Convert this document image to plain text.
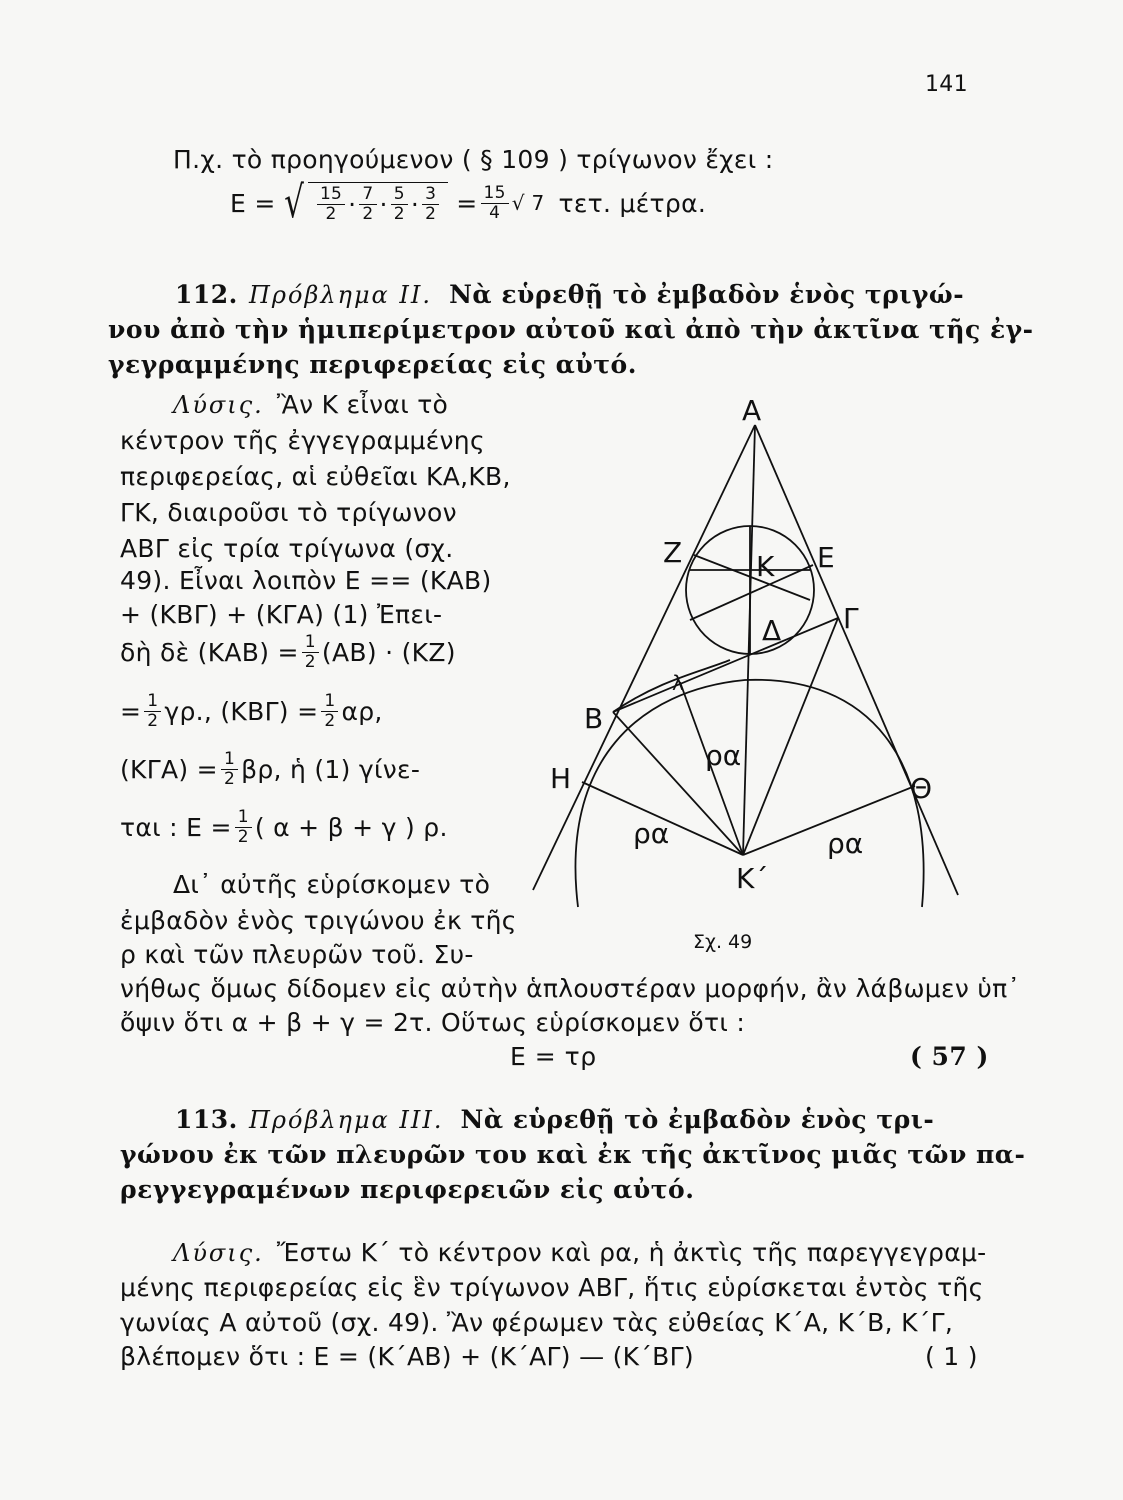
141
Π.χ. τὸ προηγούμενον ( § 109 ) τρίγωνον ἔχει :
Ε = √ $\frac{15}{2} \cdot \frac{7}{2} \cdot \frac{5}{2} \cdot \frac{3}{2} = \frac{15}{4}$ √ 7 τετ. μέτρα.
112. Πρόβλημα II. Νὰ εὑρεθῇ τὸ ἐμβαδὸν ἑνὸς τριγώ-
νου ἀπὸ τὴν ἡμιπερίμετρον αὐτοῦ καὶ ἀπὸ τὴν ἀκτῖνα τῆς ἐγ-
γεγραμμένης περιφερείας εἰς αὐτό.
Λύσις. Ἂν Κ εἶναι τὸ
κέντρον τῆς ἐγγεγραμμένης
περιφερείας, αἱ εὐθεῖαι ΚΑ,ΚΒ,
ΓΚ, διαιροῦσι τὸ τρίγωνον
ΑΒΓ εἰς τρία τρίγωνα (σχ.
49). Εἶναι λοιπὸν Ε == (ΚΑΒ)
+ (ΚΒΓ) + (ΚΓΑ) (1) Ἐπει-
δὴ δὲ $(KAB) = \frac{1}{2} (AB) \cdot (KZ)$
= $\frac{1}{2} \gamma\rho$., $(KB\Gamma) = \frac{1}{2} \alpha\rho$,
$(K\Gamma A) = \frac{1}{2} \beta\rho$, ἡ (1) γίνε-
ται : $E = \frac{1}{2}$ ( α + β + γ ) ρ.
Δι᾽ αὐτῆς εὑρίσκομεν τὸ
ἐμβαδὸν ἑνὸς τριγώνου ἐκ τῆς
ρ καὶ τῶν πλευρῶν τοῦ. Συ-
νήθως ὅμως δίδομεν εἰς αὐτὴν ἁπλουστέραν μορφήν, ἂν λάβωμεν ὑπ᾽
ὄψιν ὅτι α + β + γ = 2τ. Οὕτως εὑρίσκομεν ὅτι :
Ε = τρ	( 57 )
Α
Β
Γ
Ε
Ζ	Κ
Δ
λ
Η	Θ
Κ΄
ρα
ρα	ρα
Σχ. 49
113. Πρόβλημα III. Νὰ εὑρεθῇ τὸ ἐμβαδὸν ἑνὸς τρι-
γώνου ἐκ τῶν πλευρῶν του καὶ ἐκ τῆς ἀκτῖνος μιᾶς τῶν πα-
ρεγγεγραμένων περιφερειῶν εἰς αὐτό.
Λύσις. Ἔστω Κ΄ τὸ κέντρον καὶ ρα, ἡ ἀκτὶς τῆς παρεγγεγραμ-
μένης περιφερείας εἰς ἓν τρίγωνον ΑΒΓ, ἥτις εὑρίσκεται ἐντὸς τῆς
γωνίας Α αὐτοῦ (σχ. 49). Ἂν φέρωμεν τὰς εὐθείας Κ΄Α, Κ΄Β, Κ΄Γ,
βλέπομεν ὅτι : Ε = (Κ΄ΑΒ) + (Κ΄ΑΓ) — (Κ΄ΒΓ)	( 1 )
